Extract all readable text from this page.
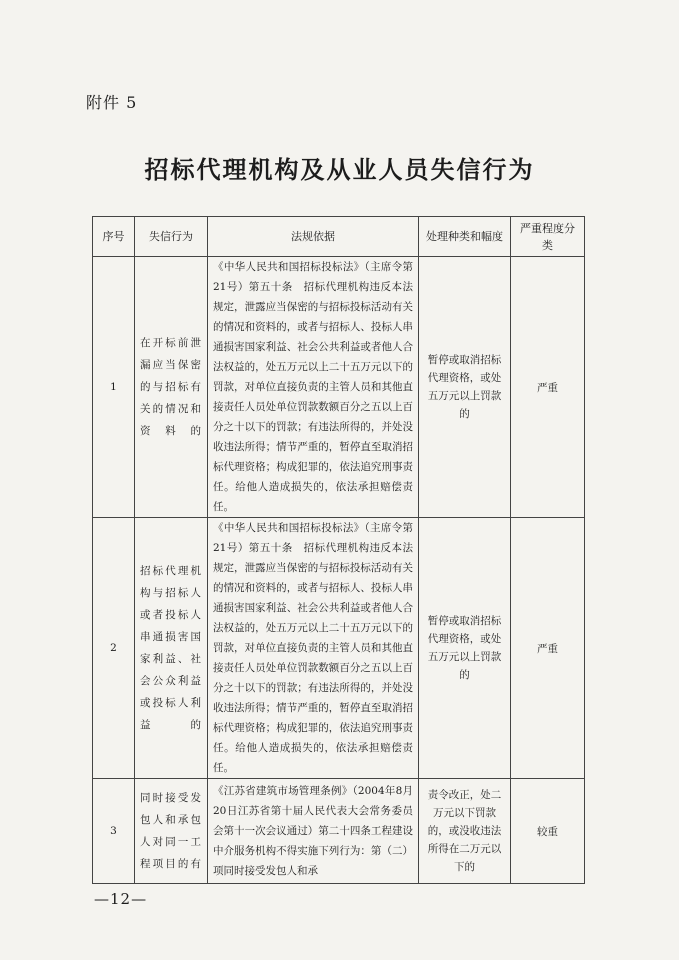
附件 5
招标代理机构及从业人员失信行为
序号	失信行为	法规依据	处理种类和幅度	严重程度分类
1	在开标前泄漏应当保密的与招标有关的情况和资料的	《中华人民共和国招标投标法》（主席令第21号）第五十条　招标代理机构违反本法规定，泄露应当保密的与招标投标活动有关的情况和资料的，或者与招标人、投标人串通损害国家利益、社会公共利益或者他人合法权益的，处五万元以上二十五万元以下的罚款，对单位直接负责的主管人员和其他直接责任人员处单位罚款数额百分之五以上百分之十以下的罚款；有违法所得的，并处没收违法所得；情节严重的，暂停直至取消招标代理资格；构成犯罪的，依法追究刑事责任。给他人造成损失的，依法承担赔偿责任。	暂停或取消招标代理资格，或处五万元以上罚款的	严重
2	招标代理机构与招标人或者投标人串通损害国家利益、社会公众利益或投标人利益的	《中华人民共和国招标投标法》（主席令第21号）第五十条　招标代理机构违反本法规定，泄露应当保密的与招标投标活动有关的情况和资料的，或者与招标人、投标人串通损害国家利益、社会公共利益或者他人合法权益的，处五万元以上二十五万元以下的罚款，对单位直接负责的主管人员和其他直接责任人员处单位罚款数额百分之五以上百分之十以下的罚款；有违法所得的，并处没收违法所得；情节严重的，暂停直至取消招标代理资格；构成犯罪的，依法追究刑事责任。给他人造成损失的，依法承担赔偿责任。	暂停或取消招标代理资格，或处五万元以上罚款的	严重
3	同时接受发包人和承包人对同一工程项目的有	《江苏省建筑市场管理条例》（2004年8月20日江苏省第十届人民代表大会常务委员会第十一次会议通过）第二十四条工程建设中介服务机构不得实施下列行为：第（二）项同时接受发包人和承	责令改正，处二万元以下罚款的，或没收违法所得在二万元以下的	较重
—12—
